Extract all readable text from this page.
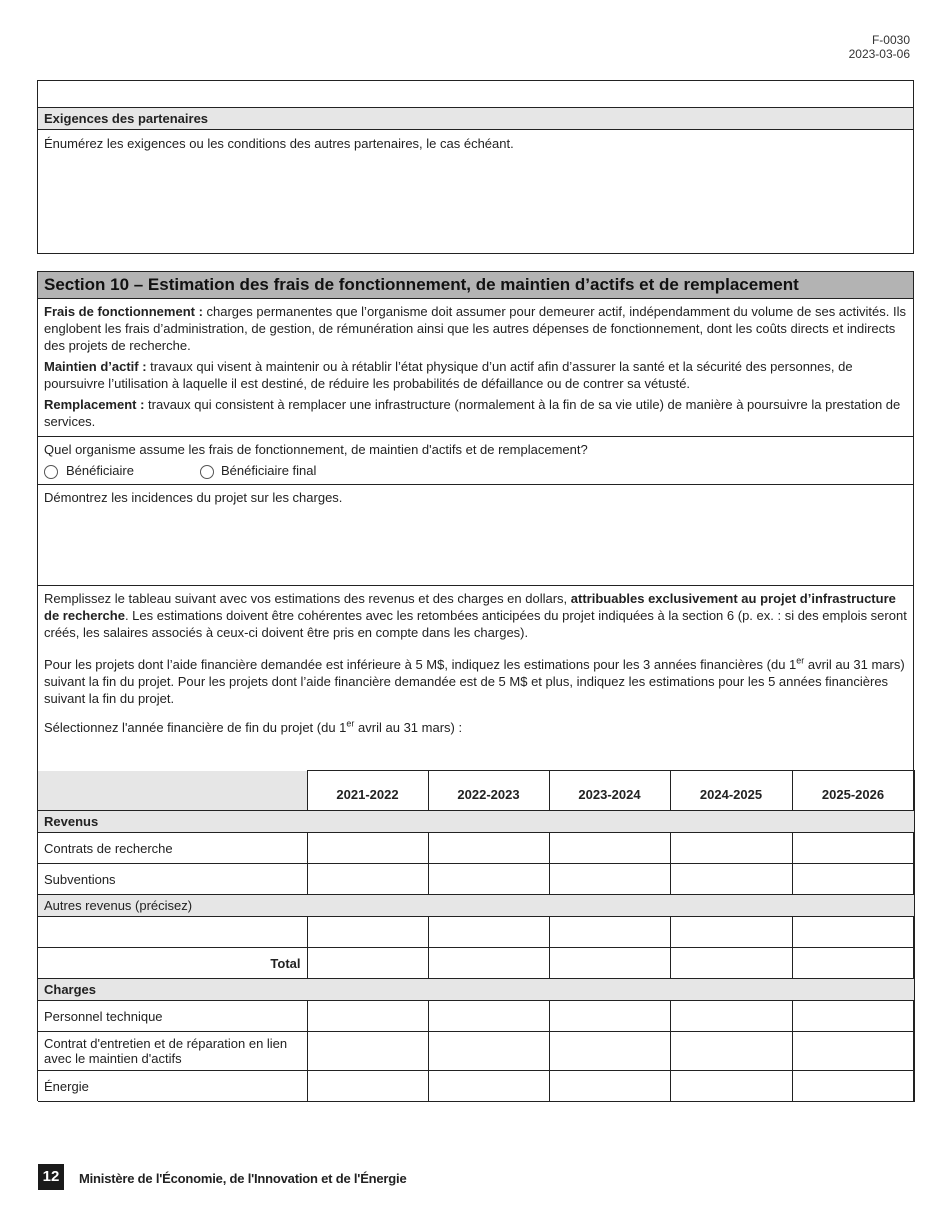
F-0030
2023-03-06
Exigences des partenaires
Énumérez les exigences ou les conditions des autres partenaires, le cas échéant.
Section 10 – Estimation des frais de fonctionnement, de maintien d’actifs et de remplacement
Frais de fonctionnement : charges permanentes que l’organisme doit assumer pour demeurer actif, indépendamment du volume de ses activités. Ils englobent les frais d’administration, de gestion, de rémunération ainsi que les autres dépenses de fonctionnement, dont les coûts directs et indirects des projets de recherche.
Maintien d’actif : travaux qui visent à maintenir ou à rétablir l’état physique d’un actif afin d’assurer la santé et la sécurité des personnes, de poursuivre l’utilisation à laquelle il est destiné, de réduire les probabilités de défaillance ou de contrer sa vétusté.
Remplacement : travaux qui consistent à remplacer une infrastructure (normalement à la fin de sa vie utile) de manière à poursuivre la prestation de services.
Quel organisme assume les frais de fonctionnement, de maintien d'actifs et de remplacement?
Bénéficiaire	Bénéficiaire final
Démontrez les incidences du projet sur les charges.
Remplissez le tableau suivant avec vos estimations des revenus et des charges en dollars, attribuables exclusivement au projet d’infrastructure de recherche. Les estimations doivent être cohérentes avec les retombées anticipées du projet indiquées à la section 6 (p. ex. : si des emplois seront créés, les salaires associés à ceux-ci doivent être pris en compte dans les charges).
Pour les projets dont l’aide financière demandée est inférieure à 5 M$, indiquez les estimations pour les 3 années financières (du 1er avril au 31 mars) suivant la fin du projet. Pour les projets dont l’aide financière demandée est de 5 M$ et plus, indiquez les estimations pour les 5 années financières suivant la fin du projet.
Sélectionnez l'année financière de fin du projet (du 1er avril au 31 mars) :
	2021-2022	2022-2023	2023-2024	2024-2025	2025-2026
Revenus					
Contrats de recherche					
Subventions					
Autres revenus (précisez)					

Total					
Charges					
Personnel technique					
Contrat d'entretien et de réparation en lien avec le maintien d'actifs					
Énergie					
12	Ministère de l'Économie, de l'Innovation et de l'Énergie
